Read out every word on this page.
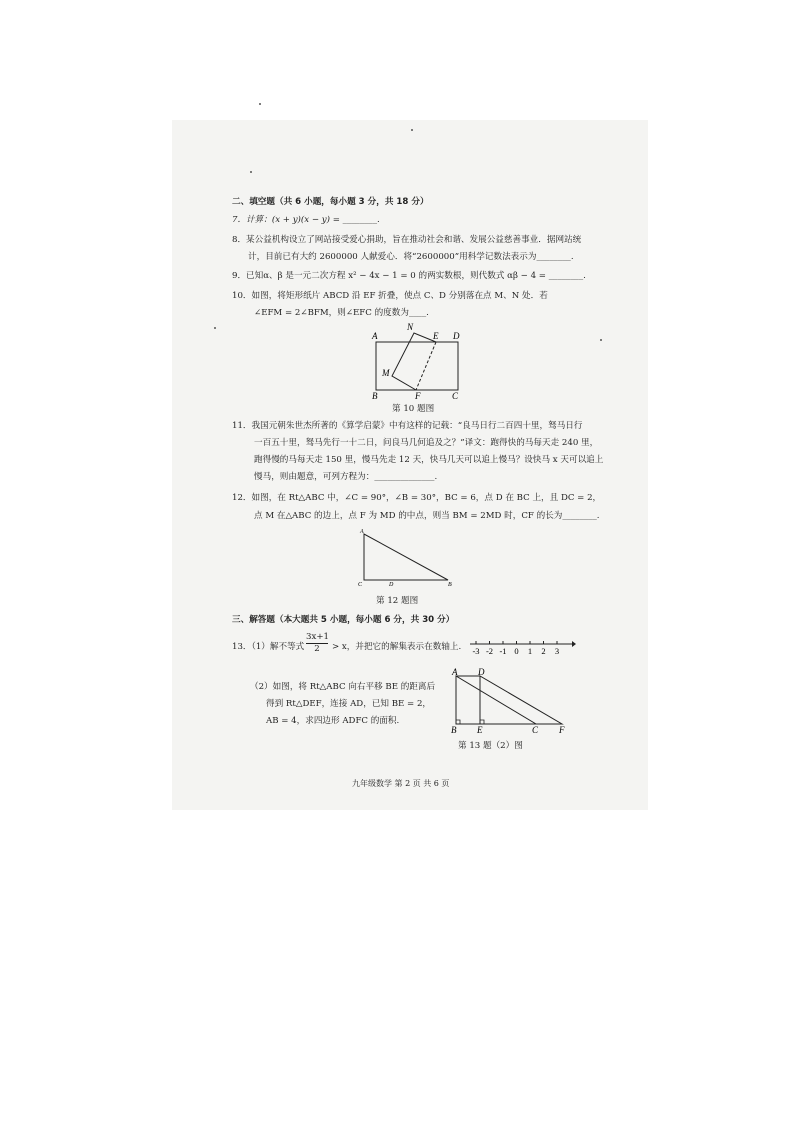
二、填空题（共 6 小题，每小题 3 分，共 18 分）
7．计算：(x + y)(x − y) = ________.
8．某公益机构设立了网站接受爱心捐助，旨在推动社会和谐、发展公益慈善事业．据网站统
计，目前已有大约 2600000 人献爱心．将“2600000”用科学记数法表示为________.
9．已知α、β 是一元二次方程 x² − 4x − 1 = 0 的两实数根，则代数式 αβ − 4 = ________.
10．如图，将矩形纸片 ABCD 沿 EF 折叠，使点 C、D 分别落在点 M、N 处．若
∠EFM = 2∠BFM，则∠EFC 的度数为____.
A
N
E D
M
B	F	C
第 10 题图
11．我国元朝朱世杰所著的《算学启蒙》中有这样的记载：“良马日行二百四十里，驽马日行
一百五十里，驽马先行一十二日，问良马几何追及之？”译文：跑得快的马每天走 240 里，
跑得慢的马每天走 150 里，慢马先走 12 天，快马几天可以追上慢马？设快马 x 天可以追上
慢马，则由题意，可列方程为：______________.
12．如图，在 Rt△ABC 中，∠C = 90°，∠B = 30°，BC = 6，点 D 在 BC 上，且 DC = 2，
点 M 在△ABC 的边上，点 F 为 MD 的中点，则当 BM = 2MD 时，CF 的长为________.
A
C	D	B
第 12 题图
三、解答题（本大题共 5 小题，每小题 6 分，共 30 分）
13．（1）解不等式 $\frac{3x+1}{2} > x$，并把它的解集表示在数轴上. -3 -2 -1 0 1 2 3
（2）如图，将 Rt△ABC 向右平移 BE 的距离后
得到 Rt△DEF，连接 AD，已知 BE = 2，
AB = 4，求四边形 ADFC 的面积.
A D
B E	C F
第 13 题（2）图
九年级数学 第 2 页 共 6 页
